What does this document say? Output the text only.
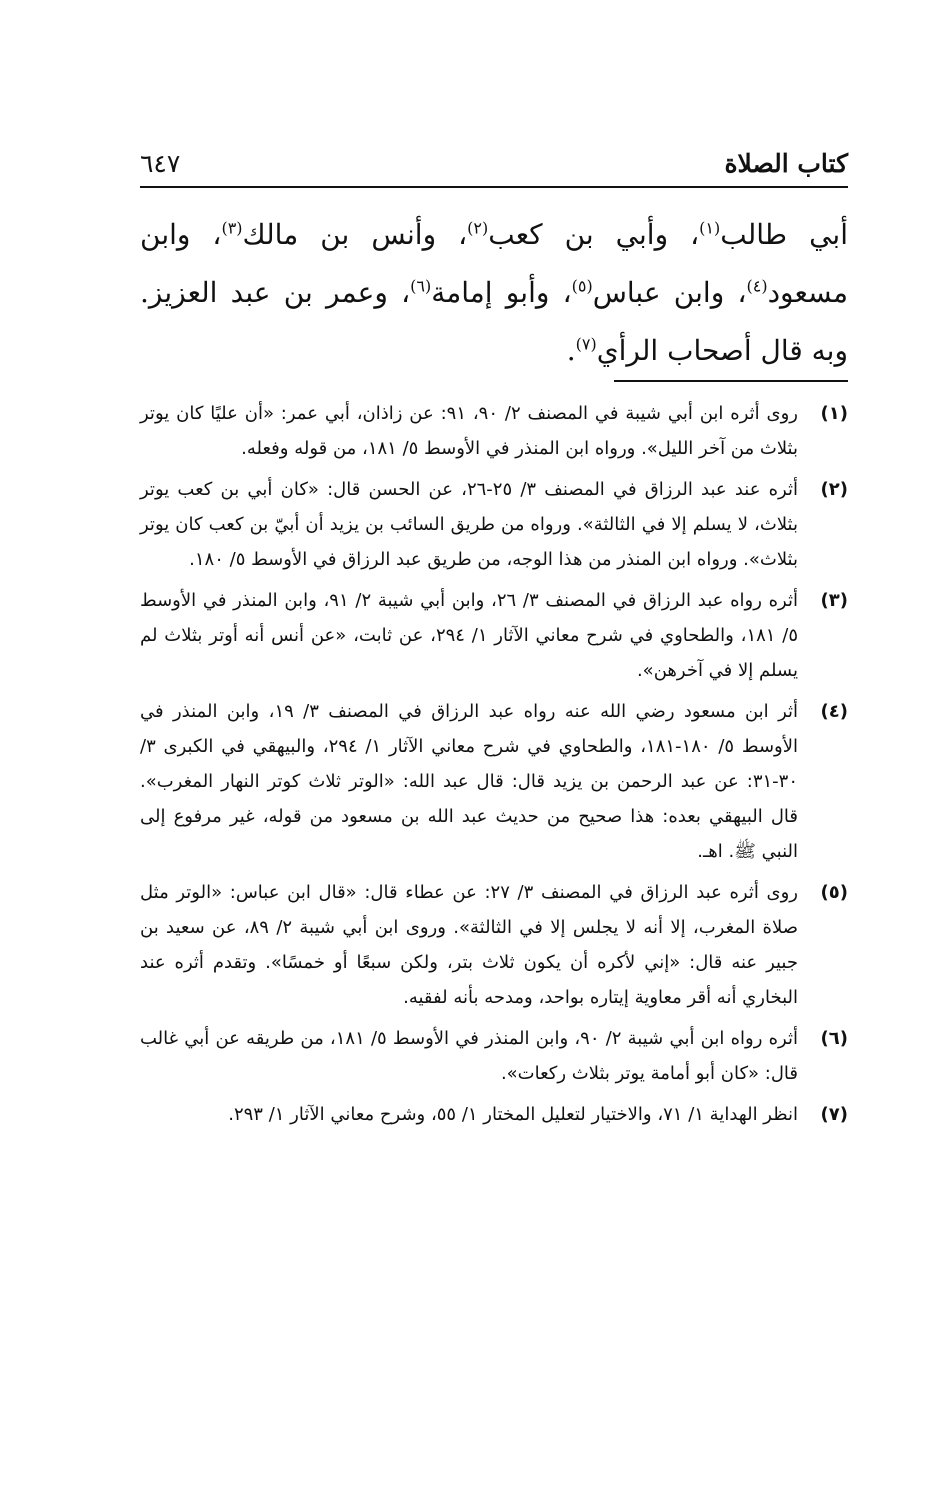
كتاب الصلاة
٦٤٧
أبي طالب$^{(١)}$، وأبي بن كعب$^{(٢)}$، وأنس بن مالك$^{(٣)}$، وابن مسعود$^{(٤)}$، وابن عباس$^{(٥)}$، وأبو إمامة$^{(٦)}$، وعمر بن عبد العزيز. وبه قال أصحاب الرأي$^{(٧)}$.
(١)
روى أثره ابن أبي شيبة في المصنف ٢/ ٩٠، ٩١: عن زاذان، أبي عمر: «أن عليًا كان يوتر بثلاث من آخر الليل». ورواه ابن المنذر في الأوسط ٥/ ١٨١، من قوله وفعله.
(٢)
أثره عند عبد الرزاق في المصنف ٣/ ٢٥-٢٦، عن الحسن قال: «كان أبي بن كعب يوتر بثلاث، لا يسلم إلا في الثالثة». ورواه من طريق السائب بن يزيد أن أبيّ بن كعب كان يوتر بثلاث». ورواه ابن المنذر من هذا الوجه، من طريق عبد الرزاق في الأوسط ٥/ ١٨٠.
(٣)
أثره رواه عبد الرزاق في المصنف ٣/ ٢٦، وابن أبي شيبة ٢/ ٩١، وابن المنذر في الأوسط ٥/ ١٨١، والطحاوي في شرح معاني الآثار ١/ ٢٩٤، عن ثابت، «عن أنس أنه أوتر بثلاث لم يسلم إلا في آخرهن».
(٤)
أثر ابن مسعود رضي الله عنه رواه عبد الرزاق في المصنف ٣/ ١٩، وابن المنذر في الأوسط ٥/ ١٨٠-١٨١، والطحاوي في شرح معاني الآثار ١/ ٢٩٤، والبيهقي في الكبرى ٣/ ٣٠-٣١: عن عبد الرحمن بن يزيد قال: قال عبد الله: «الوتر ثلاث كوتر النهار المغرب». قال البيهقي بعده: هذا صحيح من حديث عبد الله بن مسعود من قوله، غير مرفوع إلى النبي ﷺ. اهـ.
(٥)
روى أثره عبد الرزاق في المصنف ٣/ ٢٧: عن عطاء قال: «قال ابن عباس: «الوتر مثل صلاة المغرب، إلا أنه لا يجلس إلا في الثالثة». وروى ابن أبي شيبة ٢/ ٨٩، عن سعيد بن جبير عنه قال: «إني لأكره أن يكون ثلاث بتر، ولكن سبعًا أو خمسًا». وتقدم أثره عند البخاري أنه أقر معاوية إيتاره بواحد، ومدحه بأنه لفقيه.
(٦)
أثره رواه ابن أبي شيبة ٢/ ٩٠، وابن المنذر في الأوسط ٥/ ١٨١، من طريقه عن أبي غالب قال: «كان أبو أمامة يوتر بثلاث ركعات».
(٧)
انظر الهداية ١/ ٧١، والاختيار لتعليل المختار ١/ ٥٥، وشرح معاني الآثار ١/ ٢٩٣.
